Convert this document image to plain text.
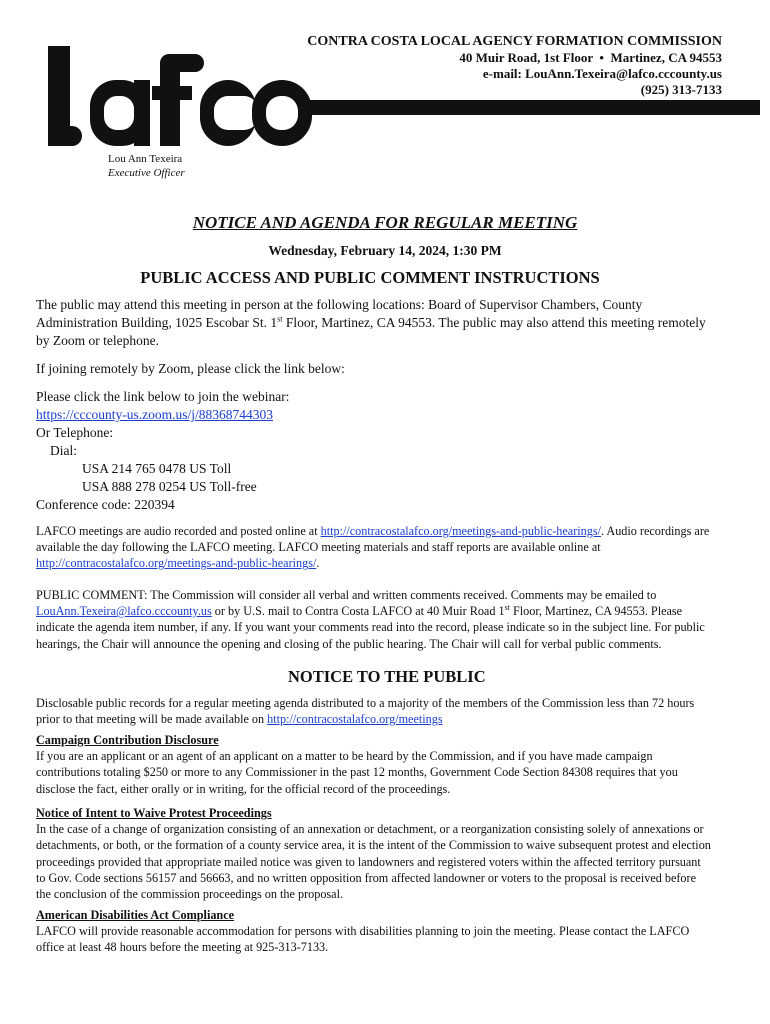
CONTRA COSTA LOCAL AGENCY FORMATION COMMISSION
40 Muir Road, 1st Floor • Martinez, CA 94553
e-mail: LouAnn.Texeira@lafco.cccounty.us
(925) 313-7133
Lou Ann Texeira
Executive Officer
NOTICE AND AGENDA FOR REGULAR MEETING
Wednesday, February 14, 2024, 1:30 PM
PUBLIC ACCESS AND PUBLIC COMMENT INSTRUCTIONS

The public may attend this meeting in person at the following locations: Board of Supervisor Chambers, County Administration Building, 1025 Escobar St. 1st Floor, Martinez, CA 94553. The public may also attend this meeting remotely by Zoom or telephone.

If joining remotely by Zoom, please click the link below:

Please click the link below to join the webinar:
https://cccounty-us.zoom.us/j/88368744303
Or Telephone:
Dial:
USA 214 765 0478 US Toll
USA 888 278 0254 US Toll-free
Conference code: 220394

LAFCO meetings are audio recorded and posted online at http://contracostalafco.org/meetings-and-public-hearings/. Audio recordings are available the day following the LAFCO meeting. LAFCO meeting materials and staff reports are available online at http://contracostalafco.org/meetings-and-public-hearings/.

PUBLIC COMMENT: The Commission will consider all verbal and written comments received. Comments may be emailed to LouAnn.Texeira@lafco.cccounty.us or by U.S. mail to Contra Costa LAFCO at 40 Muir Road 1st Floor, Martinez, CA 94553. Please indicate the agenda item number, if any. If you want your comments read into the record, please indicate so in the subject line. For public hearings, the Chair will announce the opening and closing of the public hearing. The Chair will call for verbal public comments.

NOTICE TO THE PUBLIC

Disclosable public records for a regular meeting agenda distributed to a majority of the members of the Commission less than 72 hours prior to that meeting will be made available on http://contracostalafco.org/meetings

Campaign Contribution Disclosure
If you are an applicant or an agent of an applicant on a matter to be heard by the Commission, and if you have made campaign contributions totaling $250 or more to any Commissioner in the past 12 months, Government Code Section 84308 requires that you disclose the fact, either orally or in writing, for the official record of the proceedings.

Notice of Intent to Waive Protest Proceedings
In the case of a change of organization consisting of an annexation or detachment, or a reorganization consisting solely of annexations or detachments, or both, or the formation of a county service area, it is the intent of the Commission to waive subsequent protest and election proceedings provided that appropriate mailed notice was given to landowners and registered voters within the affected territory pursuant to Gov. Code sections 56157 and 56663, and no written opposition from affected landowner or voters to the proposal is received before the conclusion of the commission proceedings on the proposal.

American Disabilities Act Compliance
LAFCO will provide reasonable accommodation for persons with disabilities planning to join the meeting. Please contact the LAFCO office at least 48 hours before the meeting at 925-313-7133.
